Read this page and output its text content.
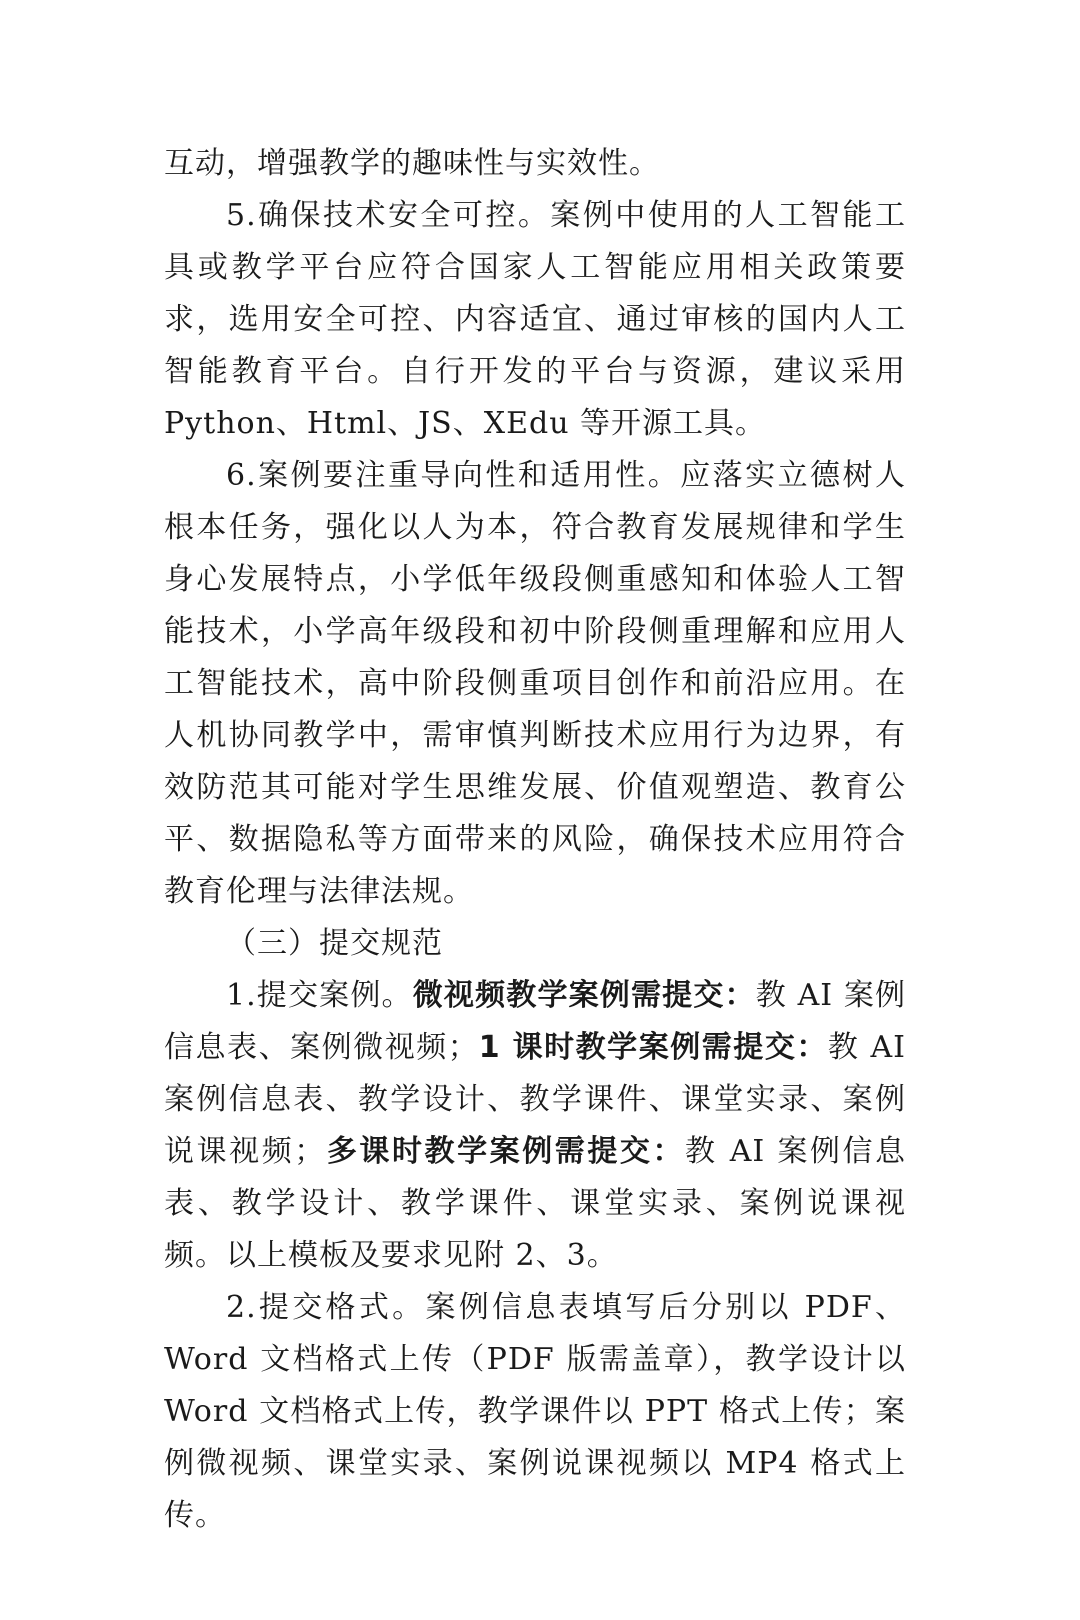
互动，增强教学的趣味性与实效性。

5.确保技术安全可控。案例中使用的人工智能工具或教学平台应符合国家人工智能应用相关政策要求，选用安全可控、内容适宜、通过审核的国内人工智能教育平台。自行开发的平台与资源，建议采用 Python、Html、JS、XEdu 等开源工具。

6.案例要注重导向性和适用性。应落实立德树人根本任务，强化以人为本，符合教育发展规律和学生身心发展特点，小学低年级段侧重感知和体验人工智能技术，小学高年级段和初中阶段侧重理解和应用人工智能技术，高中阶段侧重项目创作和前沿应用。在人机协同教学中，需审慎判断技术应用行为边界，有效防范其可能对学生思维发展、价值观塑造、教育公平、数据隐私等方面带来的风险，确保技术应用符合教育伦理与法律法规。

（三）提交规范

1.提交案例。微视频教学案例需提交：教 AI 案例信息表、案例微视频；1 课时教学案例需提交：教 AI 案例信息表、教学设计、教学课件、课堂实录、案例说课视频；多课时教学案例需提交：教 AI 案例信息表、教学设计、教学课件、课堂实录、案例说课视频。以上模板及要求见附 2、3。

2.提交格式。案例信息表填写后分别以 PDF、Word 文档格式上传（PDF 版需盖章），教学设计以 Word 文档格式上传，教学课件以 PPT 格式上传；案例微视频、课堂实录、案例说课视频以 MP4 格式上传。
